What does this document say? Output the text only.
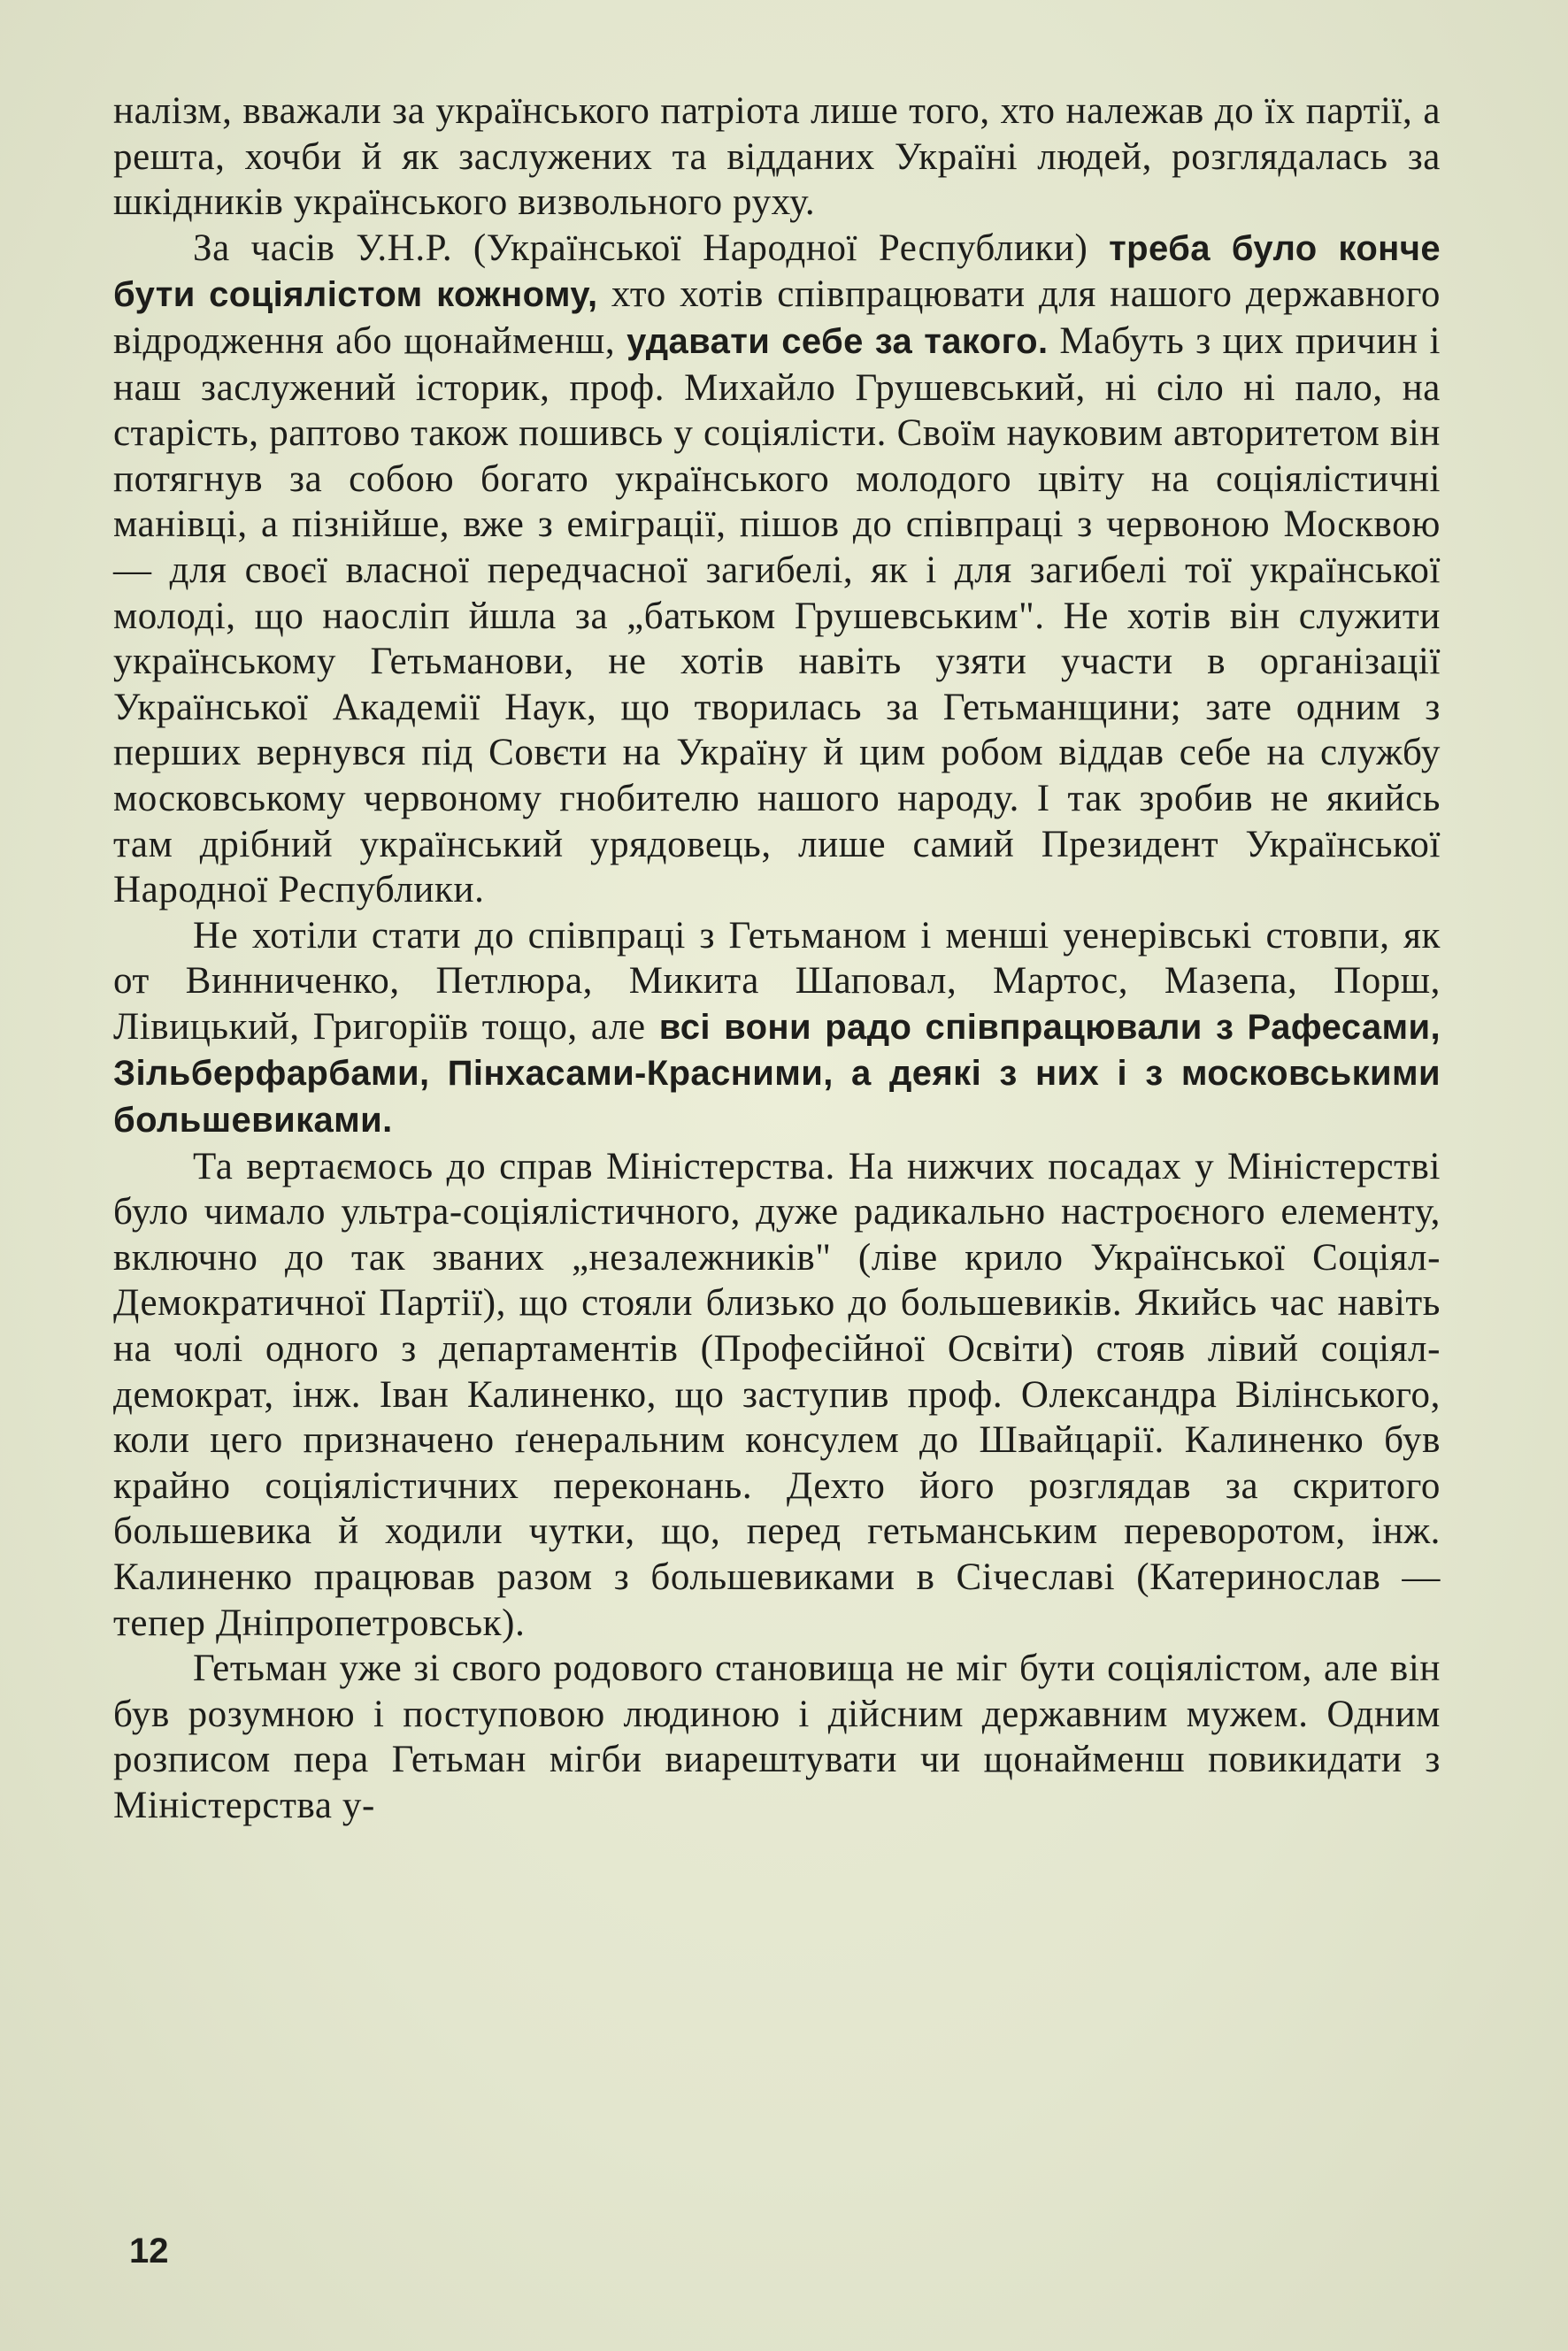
налізм, вважали за українського патріота лише того, хто належав до їх партії, а решта, хочби й як заслужених та відданих Україні людей, розглядалась за шкідників українського визвольного руху.

За часів У.Н.Р. (Української Народної Республики) треба було конче бути соціялістом кожному, хто хотів співпрацювати для нашого державного відродження або щонайменш, удавати себе за такого. Мабуть з цих причин і наш заслужений історик, проф. Михайло Грушевський, ні сіло ні пало, на старість, раптово також пошивсь у соціялісти. Своїм науковим авторитетом він потягнув за собою богато українського молодого цвіту на соціялістичні манівці, а пізнійше, вже з еміграції, пішов до співпраці з червоною Москвою — для своєї власної передчасної загибелі, як і для загибелі тої української молоді, що наосліп йшла за „батьком Грушевським". Не хотів він служити українському Гетьманови, не хотів навіть узяти участи в організації Української Академії Наук, що творилась за Гетьманщини; зате одним з перших вернувся під Совєти на Україну й цим робом віддав себе на службу московському червоному гнобителю нашого народу. І так зробив не якийсь там дрібний український урядовець, лише самий Президент Української Народної Республики.

Не хотіли стати до співпраці з Гетьманом і менші уенерівські стовпи, як от Винниченко, Петлюра, Микита Шаповал, Мартос, Мазепа, Порш, Лівицький, Григоріїв тощо, але всі вони радо співпрацювали з Рафесами, Зільберфарбами, Пінхасами-Красними, а деякі з них і з московськими большевиками.

Та вертаємось до справ Міністерства. На нижчих посадах у Міністерстві було чимало ультра-соціялістичного, дуже радикально настроєного елементу, включно до так званих „незалежників" (ліве крило Української Соціял-Демократичної Партії), що стояли близько до большевиків. Якийсь час навіть на чолі одного з департаментів (Професійної Освіти) стояв лівий соціял-демократ, інж. Іван Калиненко, що заступив проф. Олександра Вілінського, коли цего призначено ґенеральним консулем до Швайцарії. Калиненко був крайно соціялістичних переконань. Дехто його розглядав за скритого большевика й ходили чутки, що, перед гетьманським переворотом, інж. Калиненко працював разом з большевиками в Січеславі (Катеринослав — тепер Дніпропетровськ).

Гетьман уже зі свого родового становища не міг бути соціялістом, але він був розумною і поступовою людиною і дійсним державним мужем. Одним розписом пера Гетьман мігби виарештувати чи щонайменш повикидати з Міністерства у-

12
